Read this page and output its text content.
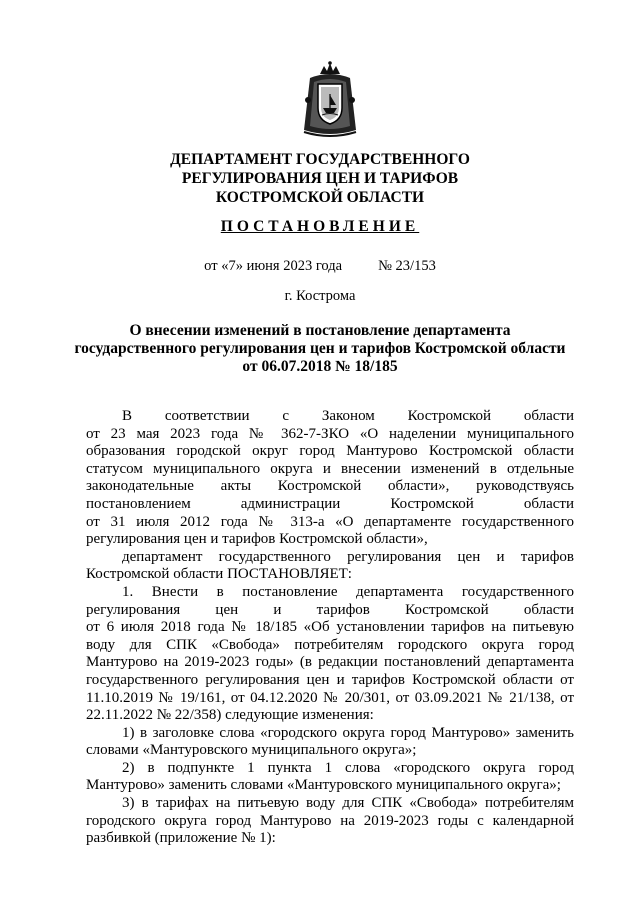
ДЕПАРТАМЕНТ ГОСУДАРСТВЕННОГО
РЕГУЛИРОВАНИЯ ЦЕН И ТАРИФОВ
КОСТРОМСКОЙ ОБЛАСТИ
ПОСТАНОВЛЕНИЕ
от «7» июня 2023 года № 23/153
г. Кострома
О внесении изменений в постановление департамента
государственного регулирования цен и тарифов Костромской области
от 06.07.2018 № 18/185

В соответствии с Законом Костромской области

от 23 мая 2023 года № 362-7-ЗКО «О наделении муниципального

образования городской округ город Мантурово Костромской области

статусом муниципального округа и внесении изменений в отдельные

законодательные акты Костромской области», руководствуясь

постановлением администрации Костромской области

от 31 июля 2012 года № 313-а «О департаменте государственного

регулирования цен и тарифов Костромской области»,

департамент государственного регулирования цен и тарифов

Костромской области ПОСТАНОВЛЯЕТ:

1. Внести в постановление департамента государственного

регулирования цен и тарифов Костромской области

от 6 июля 2018 года № 18/185 «Об установлении тарифов на питьевую

воду для СПК «Свобода» потребителям городского округа город

Мантурово на 2019-2023 годы» (в редакции постановлений департамента

государственного регулирования цен и тарифов Костромской области от

11.10.2019 № 19/161, от 04.12.2020 № 20/301, от 03.09.2021 № 21/138, от

22.11.2022 № 22/358) следующие изменения:

1) в заголовке слова «городского округа город Мантурово» заменить

словами «Мантуровского муниципального округа»;

2) в подпункте 1 пункта 1 слова «городского округа город

Мантурово» заменить словами «Мантуровского муниципального округа»;

3) в тарифах на питьевую воду для СПК «Свобода» потребителям

городского округа город Мантурово на 2019-2023 годы с календарной

разбивкой (приложение № 1):
